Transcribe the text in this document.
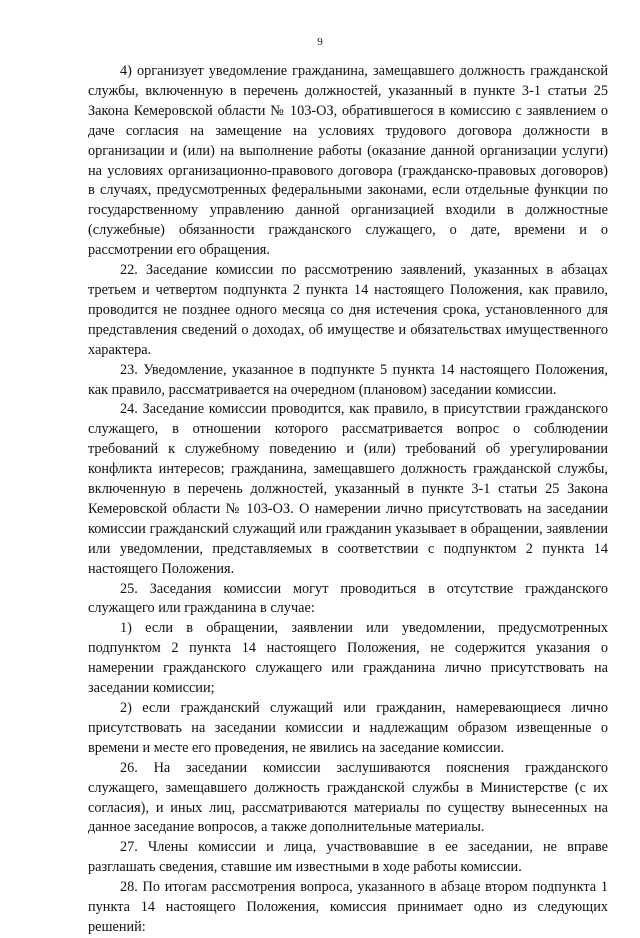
9

4) организует уведомление гражданина, замещавшего должность гражданской службы, включенную в перечень должностей, указанный в пункте 3-1 статьи 25 Закона Кемеровской области № 103-ОЗ, обратившегося в комиссию с заявлением о даче согласия на замещение на условиях трудового договора должности в организации и (или) на выполнение работы (оказание данной организации услуги) на условиях организационно-правового договора (гражданско-правовых договоров) в случаях, предусмотренных федеральными законами, если отдельные функции по государственному управлению данной организацией входили в должностные (служебные) обязанности гражданского служащего, о дате, времени и о рассмотрении его обращения.

22. Заседание комиссии по рассмотрению заявлений, указанных в абзацах третьем и четвертом подпункта 2 пункта 14 настоящего Положения, как правило, проводится не позднее одного месяца со дня истечения срока, установленного для представления сведений о доходах, об имуществе и обязательствах имущественного характера.

23. Уведомление, указанное в подпункте 5 пункта 14 настоящего Положения, как правило, рассматривается на очередном (плановом) заседании комиссии.

24. Заседание комиссии проводится, как правило, в присутствии гражданского служащего, в отношении которого рассматривается вопрос о соблюдении требований к служебному поведению и (или) требований об урегулировании конфликта интересов; гражданина, замещавшего должность гражданской службы, включенную в перечень должностей, указанный в пункте 3-1 статьи 25 Закона Кемеровской области № 103-ОЗ. О намерении лично присутствовать на заседании комиссии гражданский служащий или гражданин указывает в обращении, заявлении или уведомлении, представляемых в соответствии с подпунктом 2 пункта 14 настоящего Положения.

25. Заседания комиссии могут проводиться в отсутствие гражданского служащего или гражданина в случае:

1) если в обращении, заявлении или уведомлении, предусмотренных подпунктом 2 пункта 14 настоящего Положения, не содержится указания о намерении гражданского служащего или гражданина лично присутствовать на заседании комиссии;

2) если гражданский служащий или гражданин, намеревающиеся лично присутствовать на заседании комиссии и надлежащим образом извещенные о времени и месте его проведения, не явились на заседание комиссии.

26. На заседании комиссии заслушиваются пояснения гражданского служащего, замещавшего должность гражданской службы в Министерстве (с их согласия), и иных лиц, рассматриваются материалы по существу вынесенных на данное заседание вопросов, а также дополнительные материалы.

27. Члены комиссии и лица, участвовавшие в ее заседании, не вправе разглашать сведения, ставшие им известными в ходе работы комиссии.

28. По итогам рассмотрения вопроса, указанного в абзаце втором подпункта 1 пункта 14 настоящего Положения, комиссия принимает одно из следующих решений:
